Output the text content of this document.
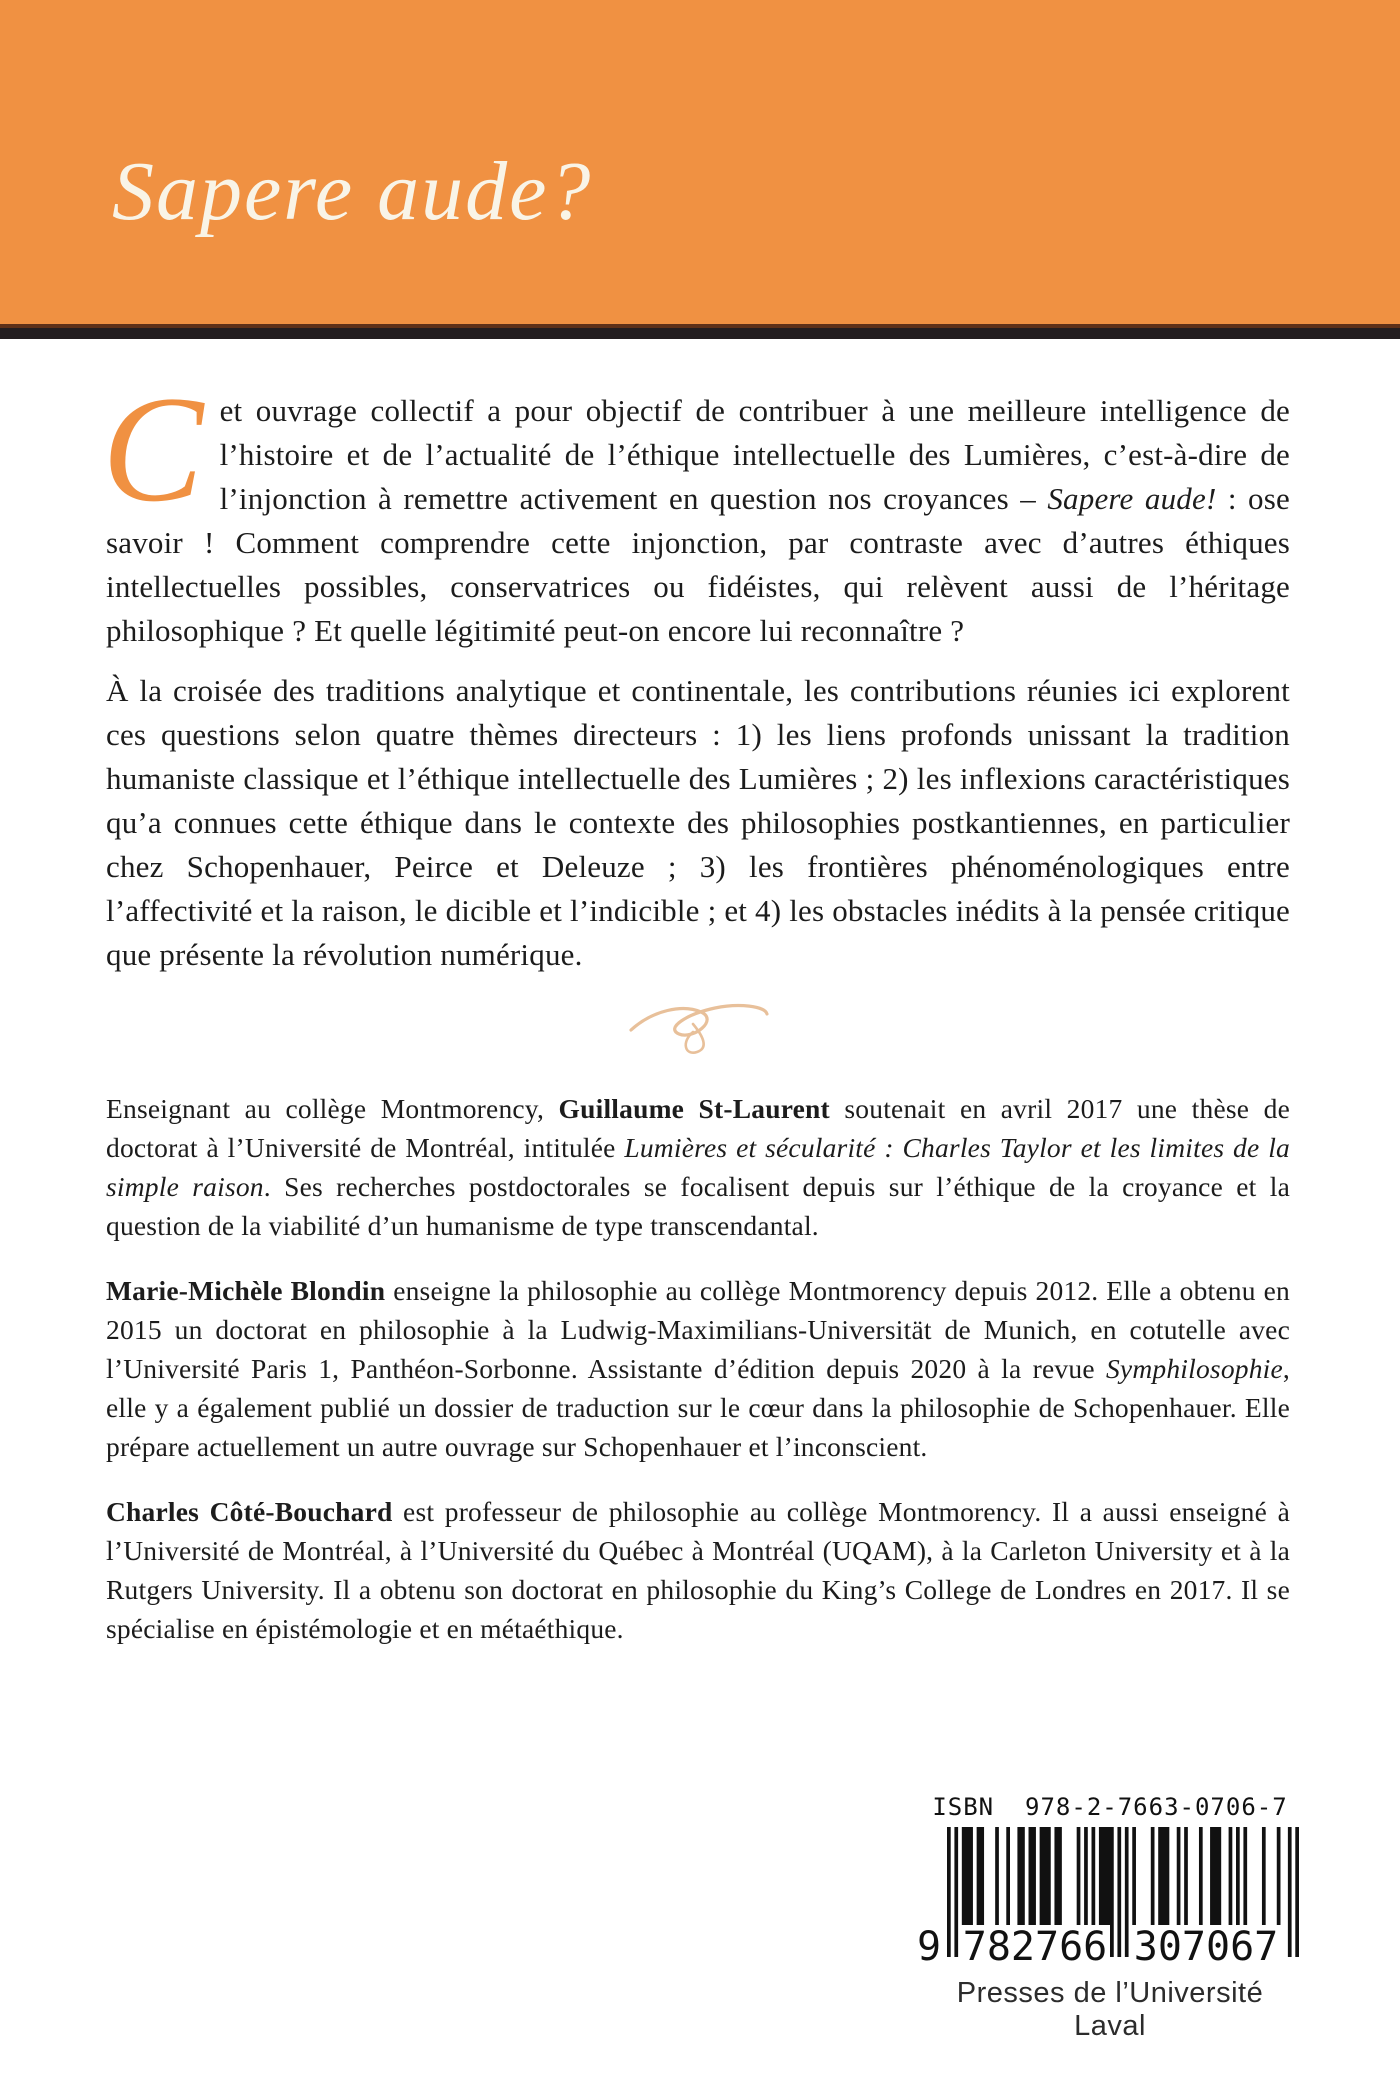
Sapere aude?

Cet ouvrage collectif a pour objectif de contribuer à une meilleure intelligence de l’histoire et de l’actualité de l’éthique intellectuelle des Lumières, c’est-à-dire de l’injonction à remettre activement en question nos croyances – Sapere aude! : ose savoir ! Comment comprendre cette injonction, par contraste avec d’autres éthiques intellectuelles possibles, conservatrices ou fidéistes, qui relèvent aussi de l’héritage philosophique ? Et quelle légitimité peut-on encore lui reconnaître ?

À la croisée des traditions analytique et continentale, les contributions réunies ici explorent ces questions selon quatre thèmes directeurs : 1) les liens profonds unissant la tradition humaniste classique et l’éthique intellectuelle des Lumières ; 2) les inflexions caractéristiques qu’a connues cette éthique dans le contexte des philosophies postkantiennes, en particulier chez Schopenhauer, Peirce et Deleuze ; 3) les frontières phénoménologiques entre l’affectivité et la raison, le dicible et l’indicible ; et 4) les obstacles inédits à la pensée critique que présente la révolution numérique.

Enseignant au collège Montmorency, Guillaume St-Laurent soutenait en avril 2017 une thèse de doctorat à l’Université de Montréal, intitulée Lumières et sécularité : Charles Taylor et les limites de la simple raison. Ses recherches postdoctorales se focalisent depuis sur l’éthique de la croyance et la question de la viabilité d’un humanisme de type transcendantal.

Marie-Michèle Blondin enseigne la philosophie au collège Montmorency depuis 2012. Elle a obtenu en 2015 un doctorat en philosophie à la Ludwig-Maximilians-Universität de Munich, en cotutelle avec l’Université Paris 1, Panthéon-Sorbonne. Assistante d’édition depuis 2020 à la revue Symphilosophie, elle y a également publié un dossier de traduction sur le cœur dans la philosophie de Schopenhauer. Elle prépare actuellement un autre ouvrage sur Schopenhauer et l’inconscient.

Charles Côté-Bouchard est professeur de philosophie au collège Montmorency. Il a aussi enseigné à l’Université de Montréal, à l’Université du Québec à Montréal (UQAM), à la Carleton University et à la Rutgers University. Il a obtenu son doctorat en philosophie du King’s College de Londres en 2017. Il se spécialise en épistémologie et en métaéthique.

ISBN  978-2-7663-0706-7
9 782766 307067
Presses de l’Université Laval
